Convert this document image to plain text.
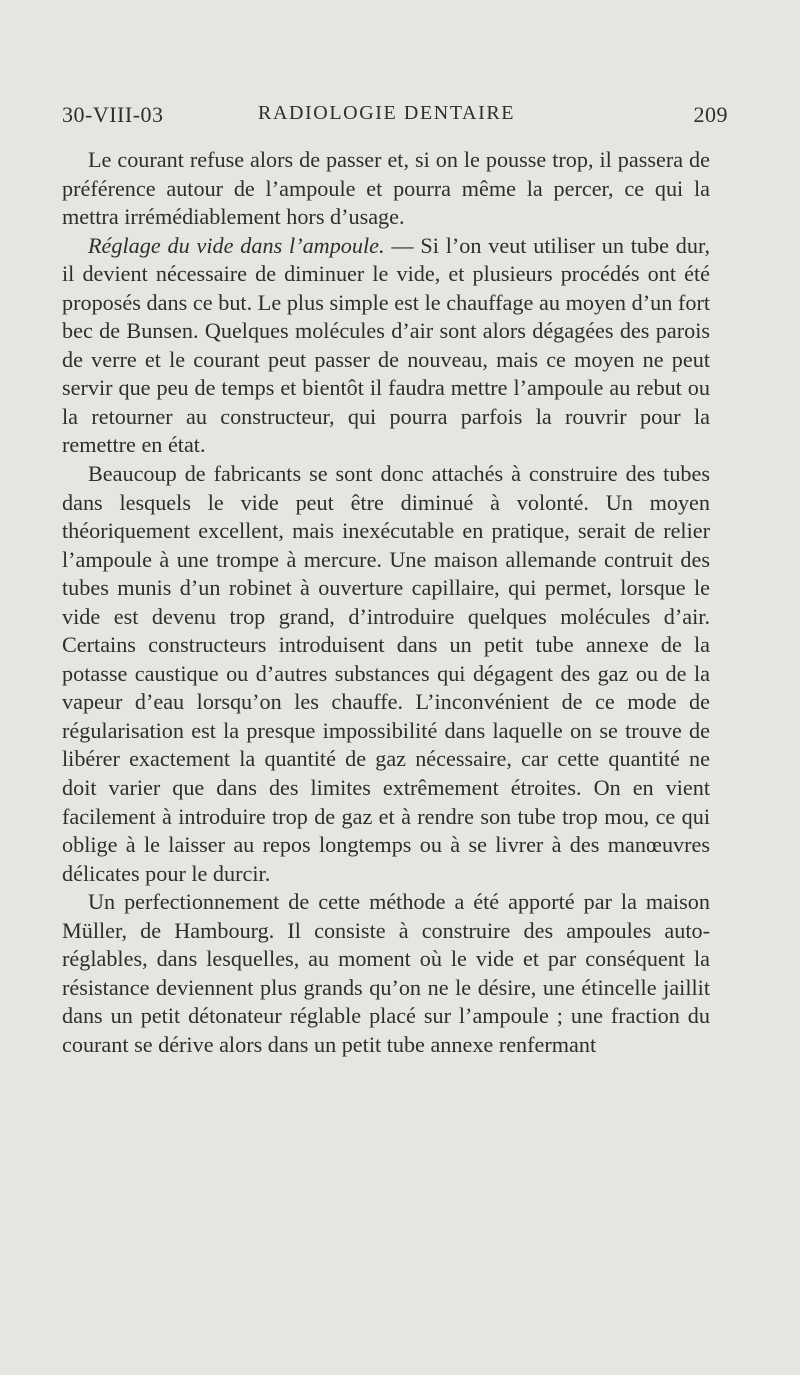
30-VIII-03	RADIOLOGIE DENTAIRE	209

Le courant refuse alors de passer et, si on le pousse trop, il passera de préférence autour de l’ampoule et pourra même la percer, ce qui la mettra irrémédiablement hors d’usage.

Réglage du vide dans l’ampoule. — Si l’on veut utiliser un tube dur, il devient nécessaire de diminuer le vide, et plusieurs procédés ont été proposés dans ce but. Le plus simple est le chauffage au moyen d’un fort bec de Bunsen. Quelques molécules d’air sont alors dégagées des parois de verre et le courant peut passer de nouveau, mais ce moyen ne peut servir que peu de temps et bientôt il faudra mettre l’ampoule au rebut ou la retourner au constructeur, qui pourra parfois la rouvrir pour la remettre en état.

Beaucoup de fabricants se sont donc attachés à construire des tubes dans lesquels le vide peut être diminué à volonté. Un moyen théoriquement excellent, mais inexécutable en pratique, serait de relier l’ampoule à une trompe à mercure. Une maison allemande contruit des tubes munis d’un robinet à ouverture capillaire, qui permet, lorsque le vide est devenu trop grand, d’introduire quelques molécules d’air. Certains constructeurs introduisent dans un petit tube annexe de la potasse caustique ou d’autres substances qui dégagent des gaz ou de la vapeur d’eau lorsqu’on les chauffe. L’inconvénient de ce mode de régularisation est la presque impossibilité dans laquelle on se trouve de libérer exactement la quantité de gaz nécessaire, car cette quantité ne doit varier que dans des limites extrêmement étroites. On en vient facilement à introduire trop de gaz et à rendre son tube trop mou, ce qui oblige à le laisser au repos longtemps ou à se livrer à des manœuvres délicates pour le durcir.

Un perfectionnement de cette méthode a été apporté par la maison Müller, de Hambourg. Il consiste à construire des ampoules auto-réglables, dans lesquelles, au moment où le vide et par conséquent la résistance deviennent plus grands qu’on ne le désire, une étincelle jaillit dans un petit détonateur réglable placé sur l’ampoule ; une fraction du courant se dérive alors dans un petit tube annexe renfermant
